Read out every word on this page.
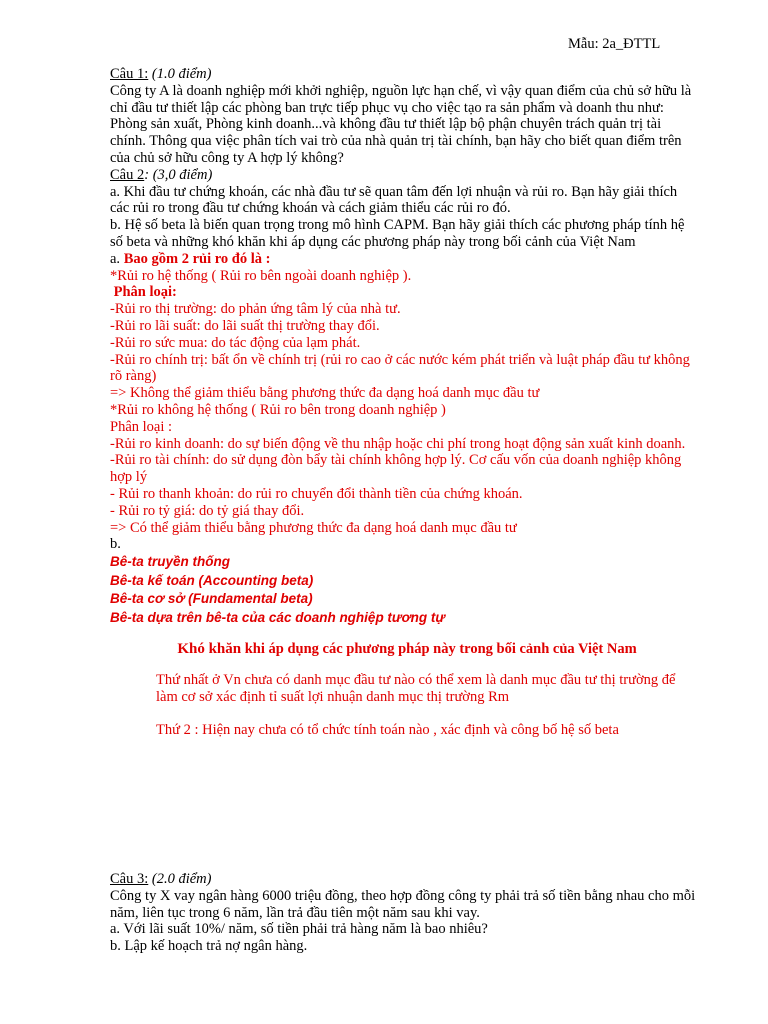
Mẫu: 2a_ĐTTL

Câu 1: (1.0 điểm)

Công ty A là doanh nghiệp mới khởi nghiệp, nguồn lực hạn chế, vì vậy quan điểm của chủ sở hữu là chỉ đầu tư thiết lập các phòng ban trực tiếp phục vụ cho việc tạo ra sản phẩm và doanh thu như: Phòng sản xuất, Phòng kinh doanh...và không đầu tư thiết lập bộ phận chuyên trách quản trị tài chính. Thông qua việc phân tích vai trò của nhà quản trị tài chính, bạn hãy cho biết quan điểm trên của chủ sở hữu công ty A hợp lý không?

Câu 2: (3,0 điểm)

a. Khi đầu tư chứng khoán, các nhà đầu tư sẽ quan tâm đến lợi nhuận và rủi ro. Bạn hãy giải thích các rủi ro trong đầu tư chứng khoán và cách giảm thiểu các rủi ro đó.

b. Hệ số beta là biến quan trọng trong mô hình CAPM. Bạn hãy giải thích các phương pháp tính hệ số beta và những khó khăn khi áp dụng các phương pháp này trong bối cảnh của Việt Nam

a. Bao gồm 2 rủi ro đó là :

*Rủi ro hệ thống ( Rủi ro bên ngoài doanh nghiệp ).

Phân loại:

-Rủi ro thị trường: do phản ứng tâm lý của nhà tư.

-Rủi ro lãi suất: do lãi suất thị trường thay đổi.

-Rủi ro sức mua: do tác động của lạm phát.

-Rủi ro chính trị: bất ổn về chính trị (rủi ro cao ở các nước kém phát triển và luật pháp đầu tư không rõ ràng)

=> Không thể giảm thiểu bằng phương thức đa dạng hoá danh mục đầu tư

*Rủi ro không hệ thống ( Rủi ro bên trong doanh nghiệp )

Phân loại :

-Rủi ro kinh doanh: do sự biến động về thu nhập hoặc chi phí trong hoạt động sản xuất kinh doanh.

-Rủi ro tài chính: do sử dụng đòn bẩy tài chính không hợp lý. Cơ cấu vốn của doanh nghiệp không hợp lý

- Rủi ro thanh khoản: do rủi ro chuyển đổi thành tiền của chứng khoán.

- Rủi ro tỷ giá: do tỷ giá thay đổi.

=> Có thể giảm thiểu bằng phương thức đa dạng hoá danh mục đầu tư

b.

Bê-ta truyền thống

Bê-ta kế toán (Accounting beta)

Bê-ta cơ sở (Fundamental beta)

Bê-ta dựa trên bê-ta của các doanh nghiệp tương tự

Khó khăn khi áp dụng các phương pháp này trong bối cảnh của Việt Nam

Thứ nhất ở Vn chưa có danh mục đầu tư nào có thể xem là danh mục đầu tư thị trường để làm cơ sở xác định tỉ suất lợi nhuận danh mục thị trường Rm

Thứ 2 : Hiện nay chưa có tổ chức tính toán nào , xác định và công bố hệ số beta

Câu 3: (2.0 điểm)

Công ty X vay ngân hàng 6000 triệu đồng, theo hợp đồng công ty phải trả số tiền bằng nhau cho mỗi năm, liên tục trong 6 năm, lần trả đầu tiên một năm sau khi vay.

a. Với lãi suất 10%/ năm, số tiền phải trả hàng năm là bao nhiêu?

b. Lập kế hoạch trả nợ ngân hàng.
